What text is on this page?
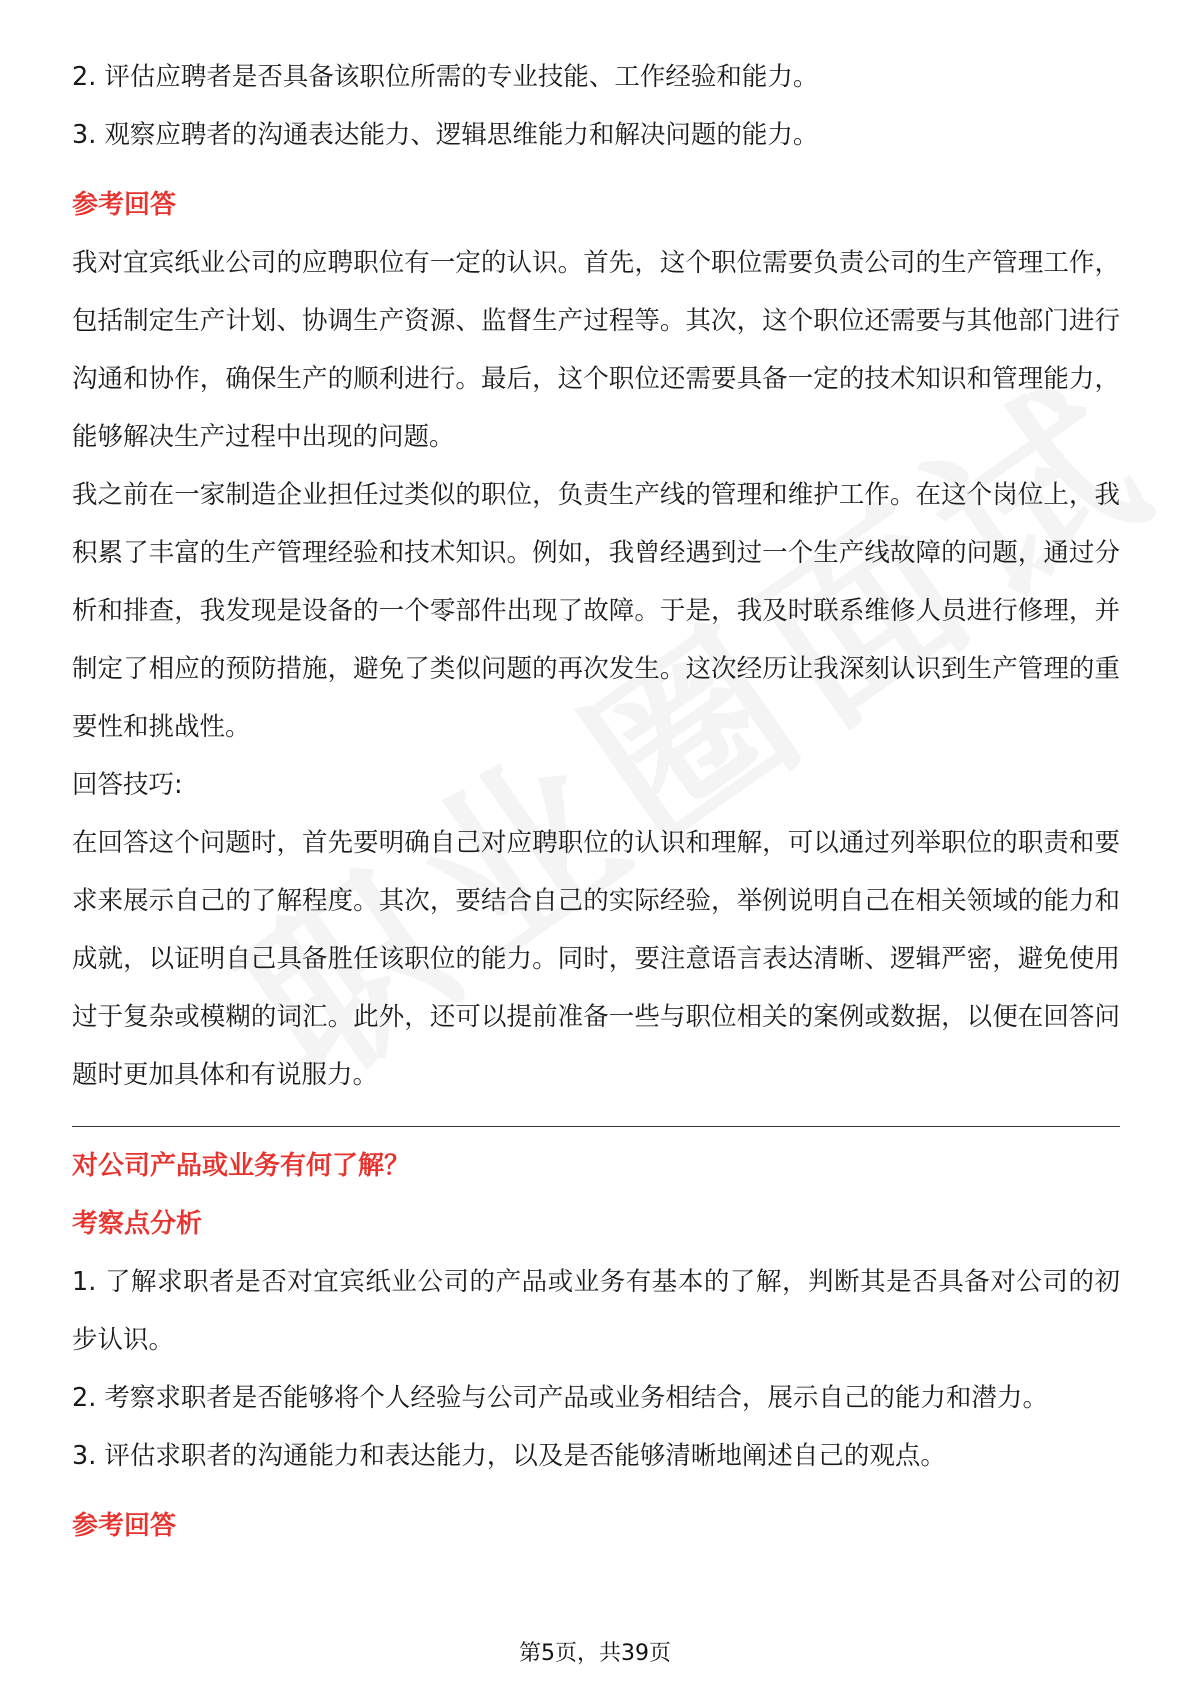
2. 评估应聘者是否具备该职位所需的专业技能、工作经验和能力。

3. 观察应聘者的沟通表达能力、逻辑思维能力和解决问题的能力。

参考回答

我对宜宾纸业公司的应聘职位有一定的认识。首先，这个职位需要负责公司的生产管理工作，包括制定生产计划、协调生产资源、监督生产过程等。其次，这个职位还需要与其他部门进行沟通和协作，确保生产的顺利进行。最后，这个职位还需要具备一定的技术知识和管理能力，能够解决生产过程中出现的问题。

我之前在一家制造企业担任过类似的职位，负责生产线的管理和维护工作。在这个岗位上，我积累了丰富的生产管理经验和技术知识。例如，我曾经遇到过一个生产线故障的问题，通过分析和排查，我发现是设备的一个零部件出现了故障。于是，我及时联系维修人员进行修理，并制定了相应的预防措施，避免了类似问题的再次发生。这次经历让我深刻认识到生产管理的重要性和挑战性。

回答技巧:

在回答这个问题时，首先要明确自己对应聘职位的认识和理解，可以通过列举职位的职责和要求来展示自己的了解程度。其次，要结合自己的实际经验，举例说明自己在相关领域的能力和成就，以证明自己具备胜任该职位的能力。同时，要注意语言表达清晰、逻辑严密，避免使用过于复杂或模糊的词汇。此外，还可以提前准备一些与职位相关的案例或数据，以便在回答问题时更加具体和有说服力。

对公司产品或业务有何了解？

考察点分析

1. 了解求职者是否对宜宾纸业公司的产品或业务有基本的了解，判断其是否具备对公司的初步认识。

2. 考察求职者是否能够将个人经验与公司产品或业务相结合，展示自己的能力和潜力。

3. 评估求职者的沟通能力和表达能力，以及是否能够清晰地阐述自己的观点。

参考回答

第5页，共39页
